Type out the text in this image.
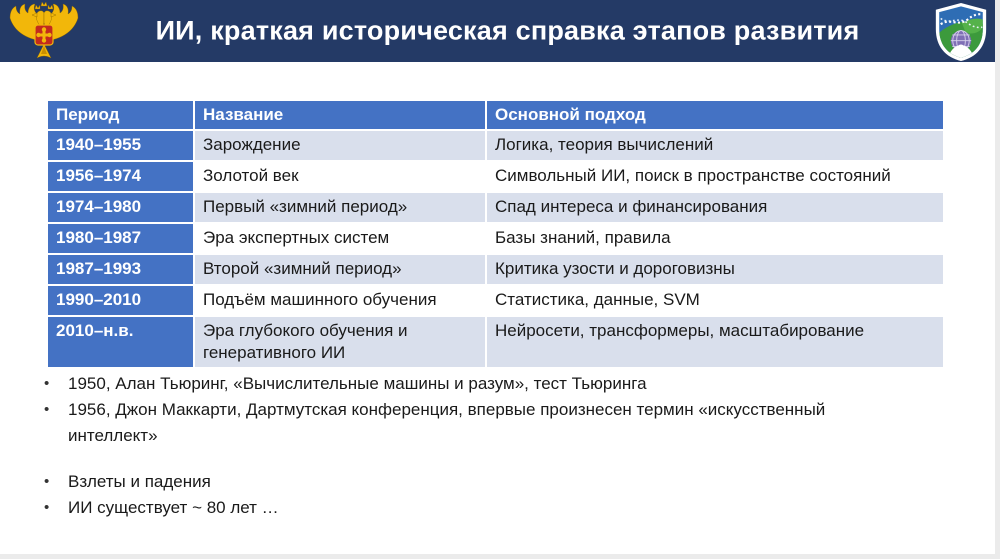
ИИ, краткая историческая справка этапов развития
Период	Название	Основной подход
1940–1955	Зарождение	Логика, теория вычислений
1956–1974	Золотой век	Символьный ИИ, поиск в пространстве состояний
1974–1980	Первый «зимний период»	Спад интереса и финансирования
1980–1987	Эра экспертных систем	Базы знаний, правила
1987–1993	Второй «зимний период»	Критика узости и дороговизны
1990–2010	Подъём машинного обучения	Статистика, данные, SVM
2010–н.в.	Эра глубокого обучения и генеративного ИИ	Нейросети, трансформеры, масштабирование
• 1950, Алан Тьюринг, «Вычислительные машины и разум», тест Тьюринга
• 1956, Джон Маккарти, Дартмутская конференция, впервые произнесен термин «искусственный интеллект»
• Взлеты и падения
• ИИ существует ~ 80 лет …
